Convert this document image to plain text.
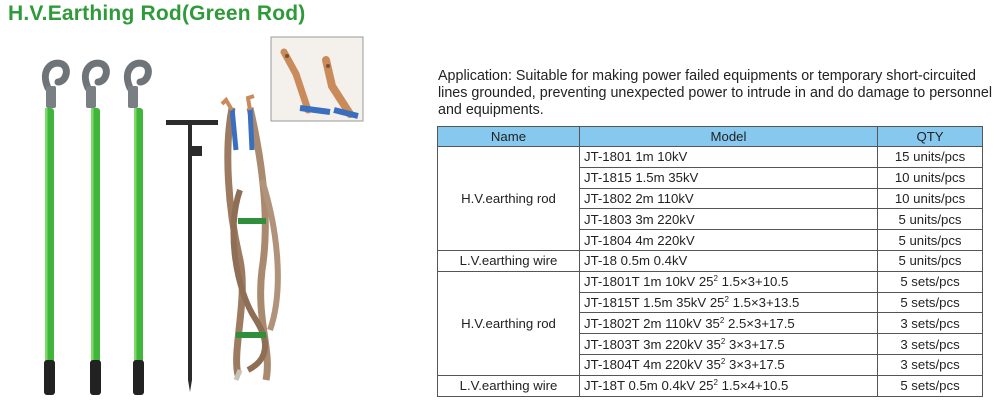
H.V.Earthing Rod(Green Rod)
Application: Suitable for making power failed equipments or temporary short-circuited lines grounded, preventing unexpected power to intrude in and do damage to personnel and equipments.
Name	Model	QTY
H.V.earthing rod	JT-1801 1m 10kV	15 units/pcs
	JT-1815 1.5m 35kV	10 units/pcs
	JT-1802 2m 110kV	10 units/pcs
	JT-1803 3m 220kV	5 units/pcs
	JT-1804 4m 220kV	5 units/pcs
L.V.earthing wire	JT-18 0.5m 0.4kV	5 units/pcs
H.V.earthing rod	JT-1801T 1m 10kV $25^2$ 1.5×3+10.5	5 sets/pcs
	JT-1815T 1.5m 35kV $25^2$ 1.5×3+13.5	5 sets/pcs
	JT-1802T 2m 110kV $35^2$ 2.5×3+17.5	3 sets/pcs
	JT-1803T 3m 220kV $35^2$ 3×3+17.5	3 sets/pcs
	JT-1804T 4m 220kV $35^2$ 3×3+17.5	3 sets/pcs
L.V.earthing wire	JT-18T 0.5m 0.4kV $25^2$ 1.5×4+10.5	5 sets/pcs
